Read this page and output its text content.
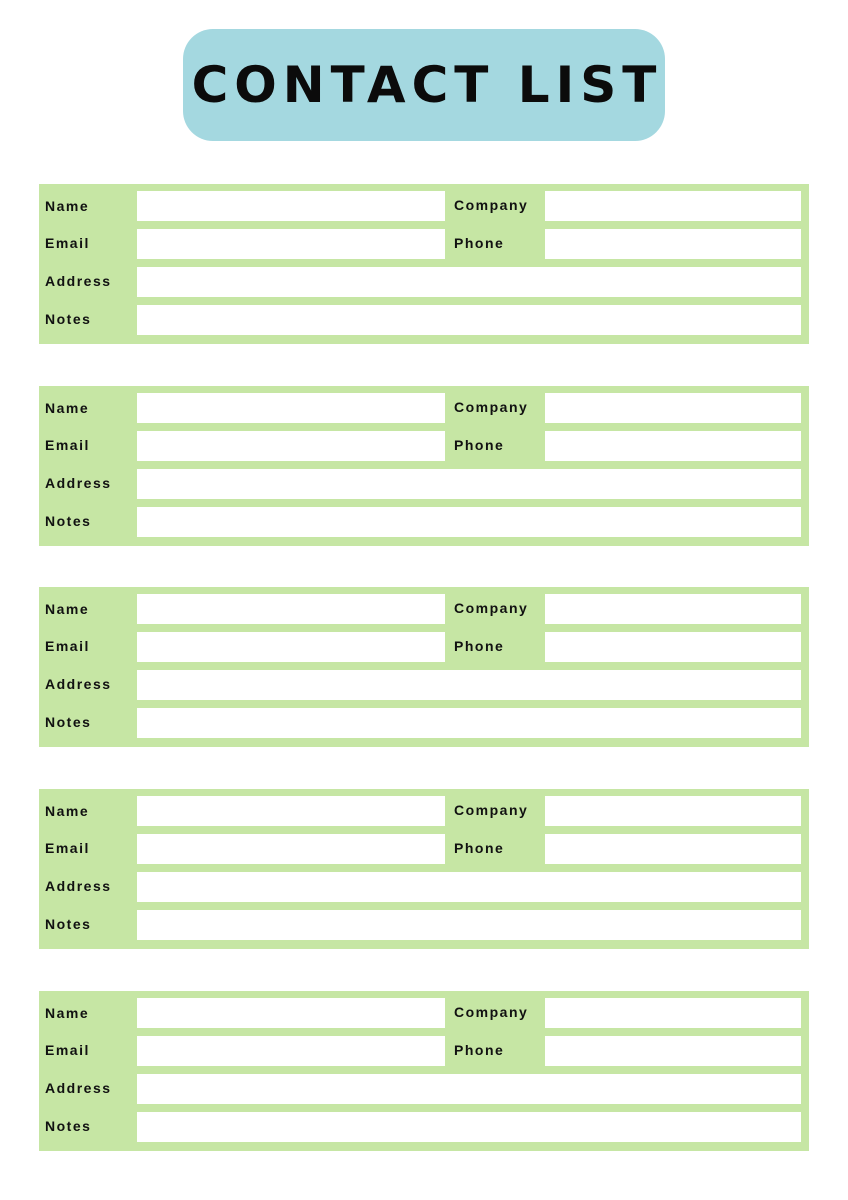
CONTACT LIST
Name	Company
Email	Phone
Address
Notes
Name	Company
Email	Phone
Address
Notes
Name	Company
Email	Phone
Address
Notes
Name	Company
Email	Phone
Address
Notes
Name	Company
Email	Phone
Address
Notes
